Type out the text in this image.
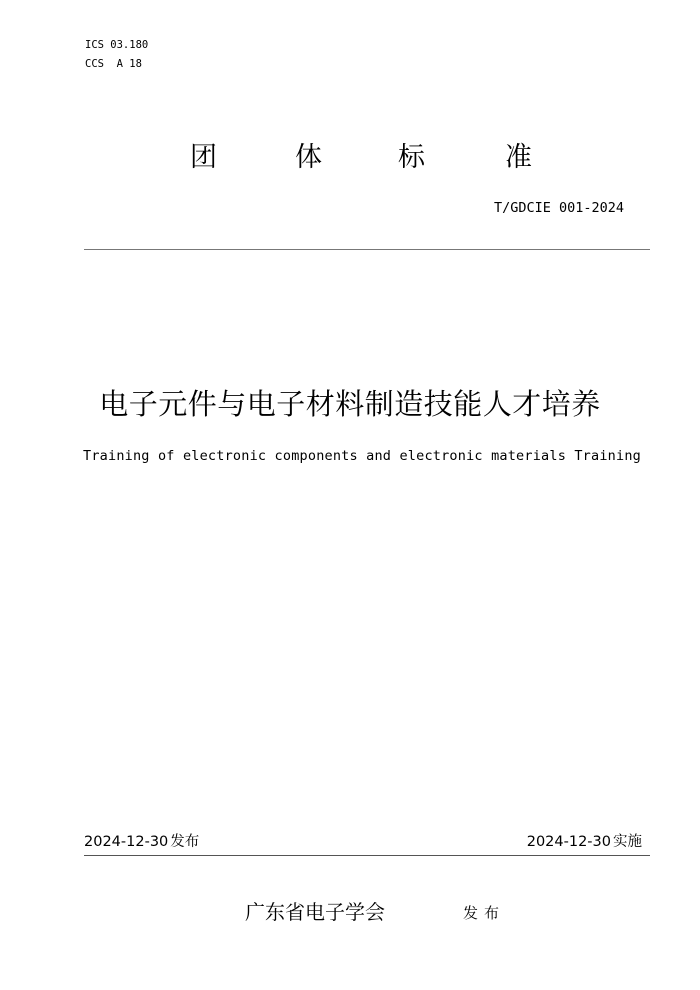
ICS 03.180
CCS  A 18
团	体	标	准
T/GDCIE 001-2024
电子元件与电子材料制造技能人才培养
Training of electronic components and electronic materials Training
2024-12-30 发布	2024-12-30 实施
广东省电子学会	发布
